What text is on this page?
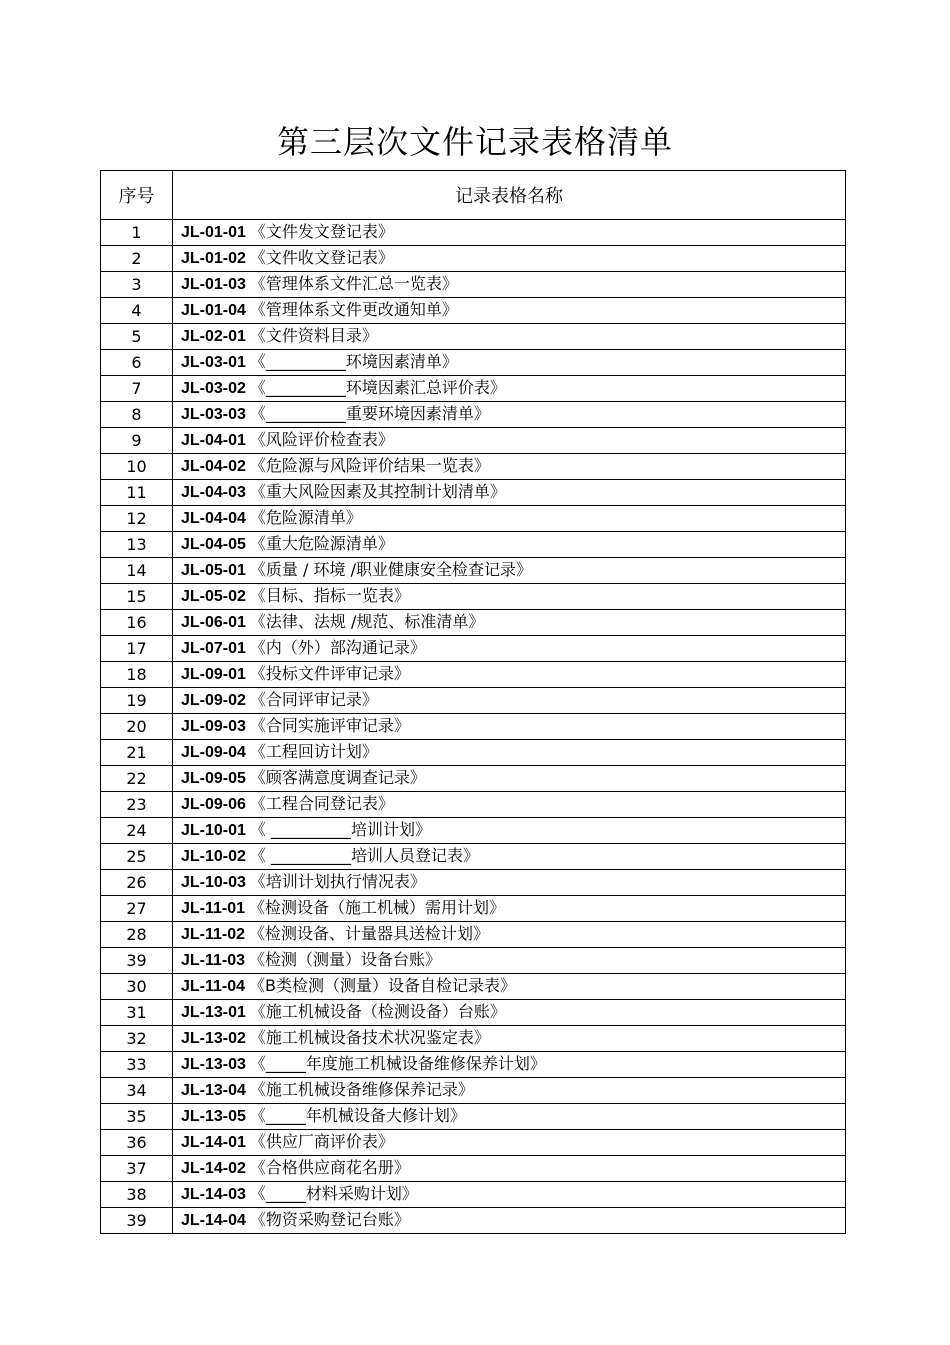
第三层次文件记录表格清单
序号	记录表格名称
1	JL-01-01 《文件发文登记表》
2	JL-01-02 《文件收文登记表》
3	JL-01-03 《管理体系文件汇总一览表》
4	JL-01-04 《管理体系文件更改通知单》
5	JL-02-01 《文件资料目录》
6	JL-03-01 《__________环境因素清单》
7	JL-03-02 《__________环境因素汇总评价表》
8	JL-03-03 《__________重要环境因素清单》
9	JL-04-01 《风险评价检查表》
10	JL-04-02 《危险源与风险评价结果一览表》
11	JL-04-03 《重大风险因素及其控制计划清单》
12	JL-04-04 《危险源清单》
13	JL-04-05 《重大危险源清单》
14	JL-05-01 《质量 / 环境 /职业健康安全检查记录》
15	JL-05-02 《目标、指标一览表》
16	JL-06-01 《法律、法规 /规范、标准清单》
17	JL-07-01 《内（外）部沟通记录》
18	JL-09-01 《投标文件评审记录》
19	JL-09-02 《合同评审记录》
20	JL-09-03 《合同实施评审记录》
21	JL-09-04 《工程回访计划》
22	JL-09-05 《顾客满意度调查记录》
23	JL-09-06 《工程合同登记表》
24	JL-10-01 《 __________培训计划》
25	JL-10-02 《 __________培训人员登记表》
26	JL-10-03 《培训计划执行情况表》
27	JL-11-01 《检测设备（施工机械）需用计划》
28	JL-11-02 《检测设备、计量器具送检计划》
39	JL-11-03 《检测（测量）设备台账》
30	JL-11-04 《B类检测（测量）设备自检记录表》
31	JL-13-01 《施工机械设备（检测设备）台账》
32	JL-13-02 《施工机械设备技术状况鉴定表》
33	JL-13-03 《_____年度施工机械设备维修保养计划》
34	JL-13-04 《施工机械设备维修保养记录》
35	JL-13-05 《_____年机械设备大修计划》
36	JL-14-01 《供应厂商评价表》
37	JL-14-02 《合格供应商花名册》
38	JL-14-03 《_____材料采购计划》
39	JL-14-04 《物资采购登记台账》
